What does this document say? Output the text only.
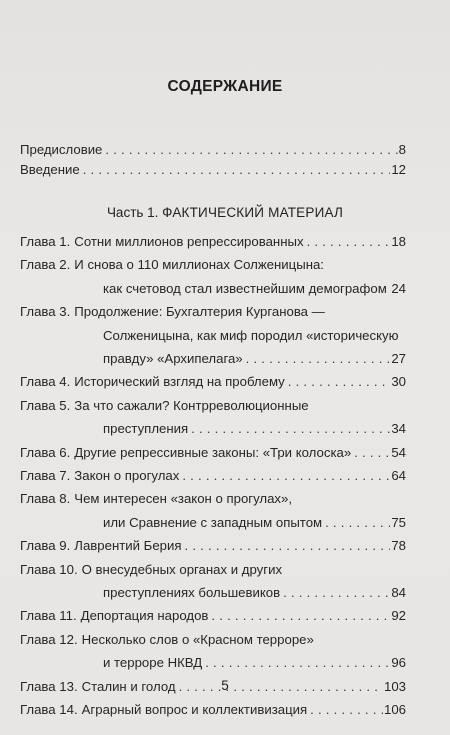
СОДЕРЖАНИЕ
Предисловие . . .	8
Введение . . .	12
Часть 1. ФАКТИЧЕСКИЙ МАТЕРИАЛ
Глава 1. Сотни миллионов репрессированных . . .	18
Глава 2. И снова о 110 миллионах Солженицына:
как счетовод стал известнейшим демографом . . . 24
Глава 3. Продолжение: Бухгалтерия Курганова —
Солженицына, как миф породил «историческую
правду» «Архипелага» . . .	27
Глава 4. Исторический взгляд на проблему . . .	30
Глава 5. За что сажали? Контрреволюционные
преступления . . .	34
Глава 6. Другие репрессивные законы: «Три колоска» . . .	54
Глава 7. Закон о прогулах . . .	64
Глава 8. Чем интересен «закон о прогулах»,
или Сравнение с западным опытом . . .	75
Глава 9. Лаврентий Берия . . .	78
Глава 10. О внесудебных органах и других
преступлениях большевиков . . .	84
Глава 11. Депортация народов . . .	92
Глава 12. Несколько слов о «Красном терроре»
и терроре НКВД . . .	96
Глава 13. Сталин и голод . . .	103
Глава 14. Аграрный вопрос и коллективизация . . .	106
5
